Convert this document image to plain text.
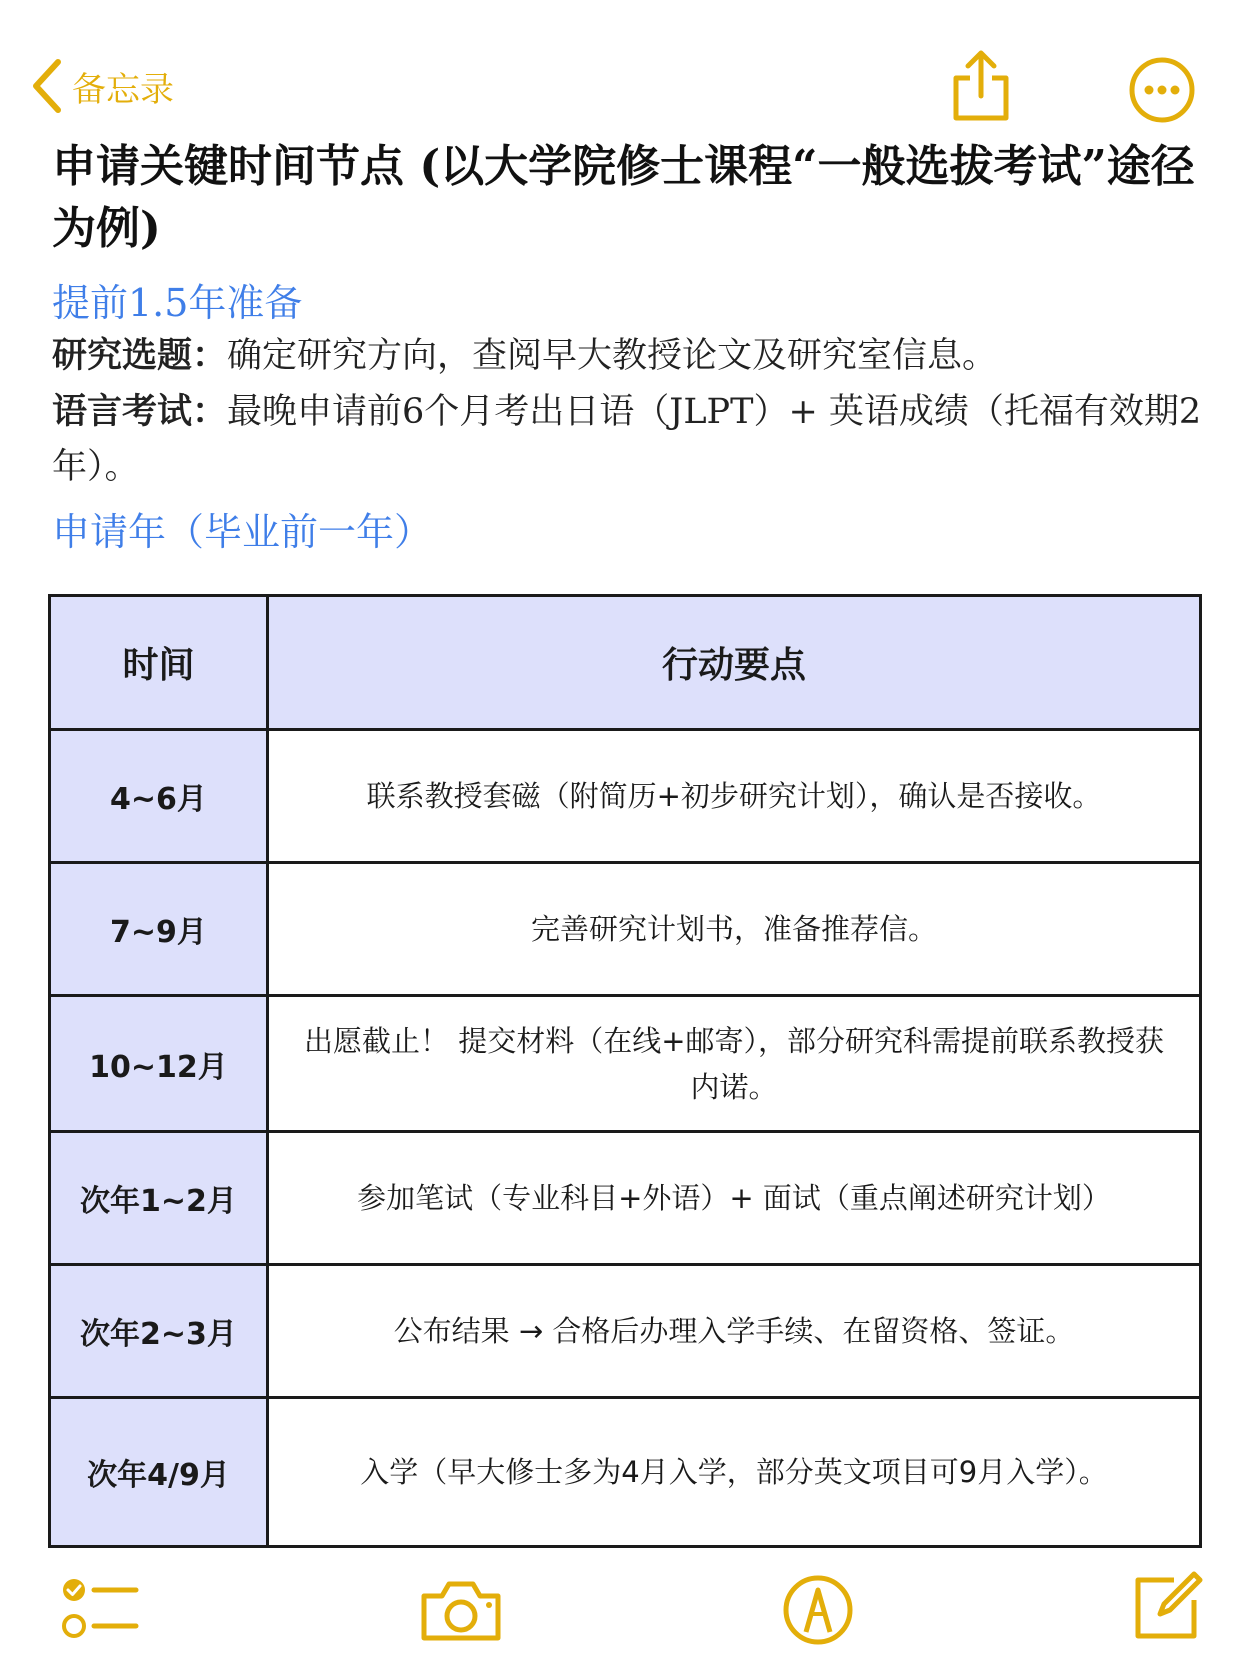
备忘录
申请关键时间节点 (以大学院修士课程“一般选拔考试”途径为例)
提前1.5年准备
研究选题：确定研究方向，查阅早大教授论文及研究室信息。
语言考试：最晚申请前6个月考出日语（JLPT）+ 英语成绩（托福有效期2年）。
申请年（毕业前一年）
时间	行动要点
4~6月	联系教授套磁（附简历+初步研究计划），确认是否接收。
7~9月	完善研究计划书，准备推荐信。
10~12月	出愿截止！ 提交材料（在线+邮寄），部分研究科需提前联系教授获内诺。
次年1~2月	参加笔试（专业科目+外语）+ 面试（重点阐述研究计划）
次年2~3月	公布结果 → 合格后办理入学手续、在留资格、签证。
次年4/9月	入学（早大修士多为4月入学，部分英文项目可9月入学）。
